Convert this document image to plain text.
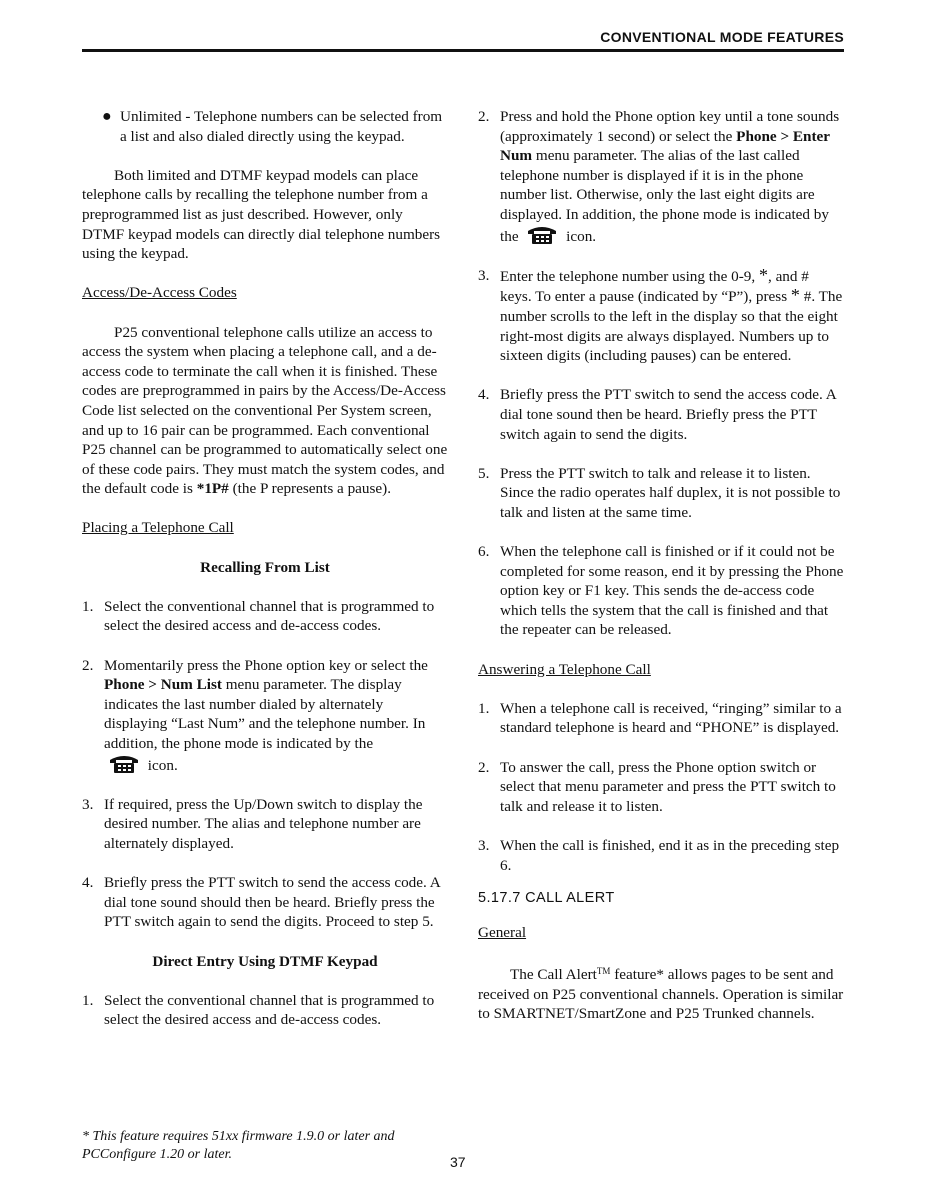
CONVENTIONAL MODE FEATURES
● Unlimited - Telephone numbers can be selected from a list and also dialed directly using the keypad.

Both limited and DTMF keypad models can place telephone calls by recalling the telephone number from a preprogrammed list as just described. However, only DTMF keypad models can directly dial telephone numbers using the keypad.

Access/De-Access Codes

P25 conventional telephone calls utilize an access to access the system when placing a telephone call, and a de-access code to terminate the call when it is finished. These codes are preprogrammed in pairs by the Access/De-Access Code list selected on the conventional Per System screen, and up to 16 pair can be programmed. Each conventional P25 channel can be programmed to automatically select one of these code pairs. They must match the system codes, and the default code is *1P# (the P represents a pause).

Placing a Telephone Call

Recalling From List

1. Select the conventional channel that is programmed to select the desired access and de-access codes.
2. Momentarily press the Phone option key or select the Phone > Num List menu parameter. The display indicates the last number dialed by alternately displaying “Last Num” and the telephone number. In addition, the phone mode is indicated by the
icon.
3. If required, press the Up/Down switch to display the desired number. The alias and telephone number are alternately displayed.
4. Briefly press the PTT switch to send the access code. A dial tone sound should then be heard. Briefly press the PTT switch again to send the digits. Proceed to step 5.

Direct Entry Using DTMF Keypad

1. Select the conventional channel that is programmed to select the desired access and de-access codes.
2. Press and hold the Phone option key until a tone sounds (approximately 1 second) or select the Phone > Enter Num menu parameter. The alias of the last called telephone number is displayed if it is in the phone number list. Otherwise, only the last eight digits are displayed. In addition, the phone mode is indicated by the	icon.
3. Enter the telephone number using the 0-9, *, and # keys. To enter a pause (indicated by “P”), press * #. The number scrolls to the left in the display so that the eight right-most digits are always displayed. Numbers up to sixteen digits (including pauses) can be entered.
4. Briefly press the PTT switch to send the access code. A dial tone sound then be heard. Briefly press the PTT switch again to send the digits.
5. Press the PTT switch to talk and release it to listen. Since the radio operates half duplex, it is not possible to talk and listen at the same time.
6. When the telephone call is finished or if it could not be completed for some reason, end it by pressing the Phone option key or F1 key. This sends the de-access code which tells the system that the call is finished and that the repeater can be released.

Answering a Telephone Call

1. When a telephone call is received, “ringing” similar to a standard telephone is heard and “PHONE” is displayed.
2. To answer the call, press the Phone option switch or select that menu parameter and press the PTT switch to talk and release it to listen.
3. When the call is finished, end it as in the preceding step 6.

5.17.7 CALL ALERT

General

The Call Alert™ feature* allows pages to be sent and received on P25 conventional channels. Operation is similar to SMARTNET/SmartZone and P25 Trunked channels.

* This feature requires 51xx firmware 1.9.0 or later and
PCConfigure 1.20 or later.	37
